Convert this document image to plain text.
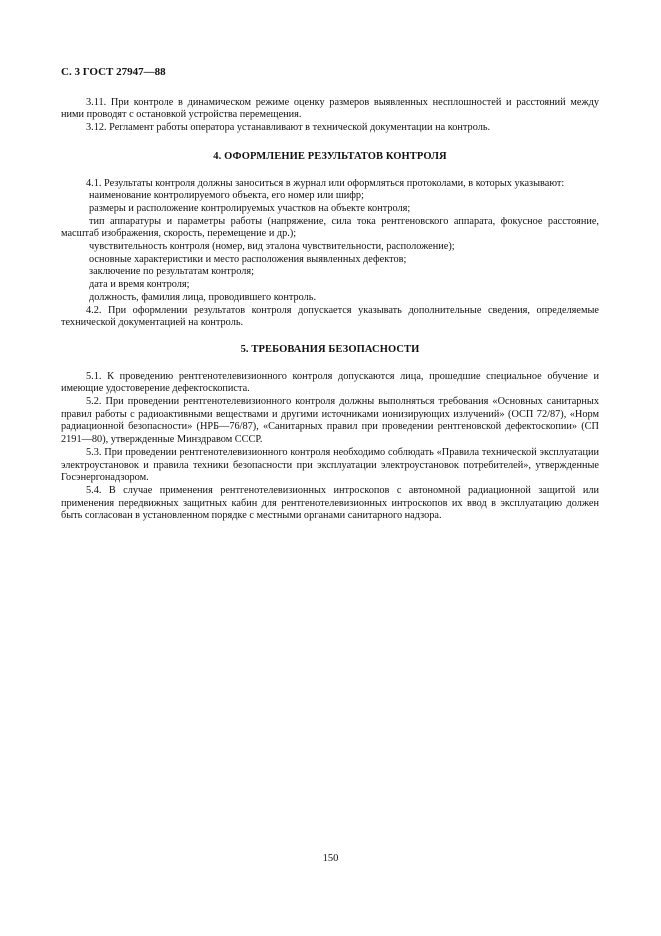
С. 3 ГОСТ 27947—88

3.11. При контроле в динамическом режиме оценку размеров выявленных несплошностей и расстояний между ними проводят с остановкой устройства перемещения.

3.12. Регламент работы оператора устанавливают в технической документации на контроль.

4. ОФОРМЛЕНИЕ РЕЗУЛЬТАТОВ КОНТРОЛЯ

4.1. Результаты контроля должны заноситься в журнал или оформляться протоколами, в которых указывают:

наименование контролируемого объекта, его номер или шифр;

размеры и расположение контролируемых участков на объекте контроля;

тип аппаратуры и параметры работы (напряжение, сила тока рентгеновского аппарата, фокусное расстояние, масштаб изображения, скорость, перемещение и др.);

чувствительность контроля (номер, вид эталона чувствительности, расположение);

основные характеристики и место расположения выявленных дефектов;

заключение по результатам контроля;

дата и время контроля;

должность, фамилия лица, проводившего контроль.

4.2. При оформлении результатов контроля допускается указывать дополнительные сведения, определяемые технической документацией на контроль.

5. ТРЕБОВАНИЯ БЕЗОПАСНОСТИ

5.1. К проведению рентгенотелевизионного контроля допускаются лица, прошедшие специальное обучение и имеющие удостоверение дефектоскописта.

5.2. При проведении рентгенотелевизионного контроля должны выполняться требования «Основных санитарных правил работы с радиоактивными веществами и другими источниками ионизирующих излучений» (ОСП 72/87), «Норм радиационной безопасности» (НРБ—76/87), «Санитарных правил при проведении рентгеновской дефектоскопии» (СП 2191—80), утвержденные Минздравом СССР.

5.3. При проведении рентгенотелевизионного контроля необходимо соблюдать «Правила технической эксплуатации электроустановок и правила техники безопасности при эксплуатации электроустановок потребителей», утвержденные Госэнергонадзором.

5.4. В случае применения рентгенотелевизионных интроскопов с автономной радиационной защитой или применения передвижных защитных кабин для рентгенотелевизионных интроскопов их ввод в эксплуатацию должен быть согласован в установленном порядке с местными органами санитарного надзора.

150
